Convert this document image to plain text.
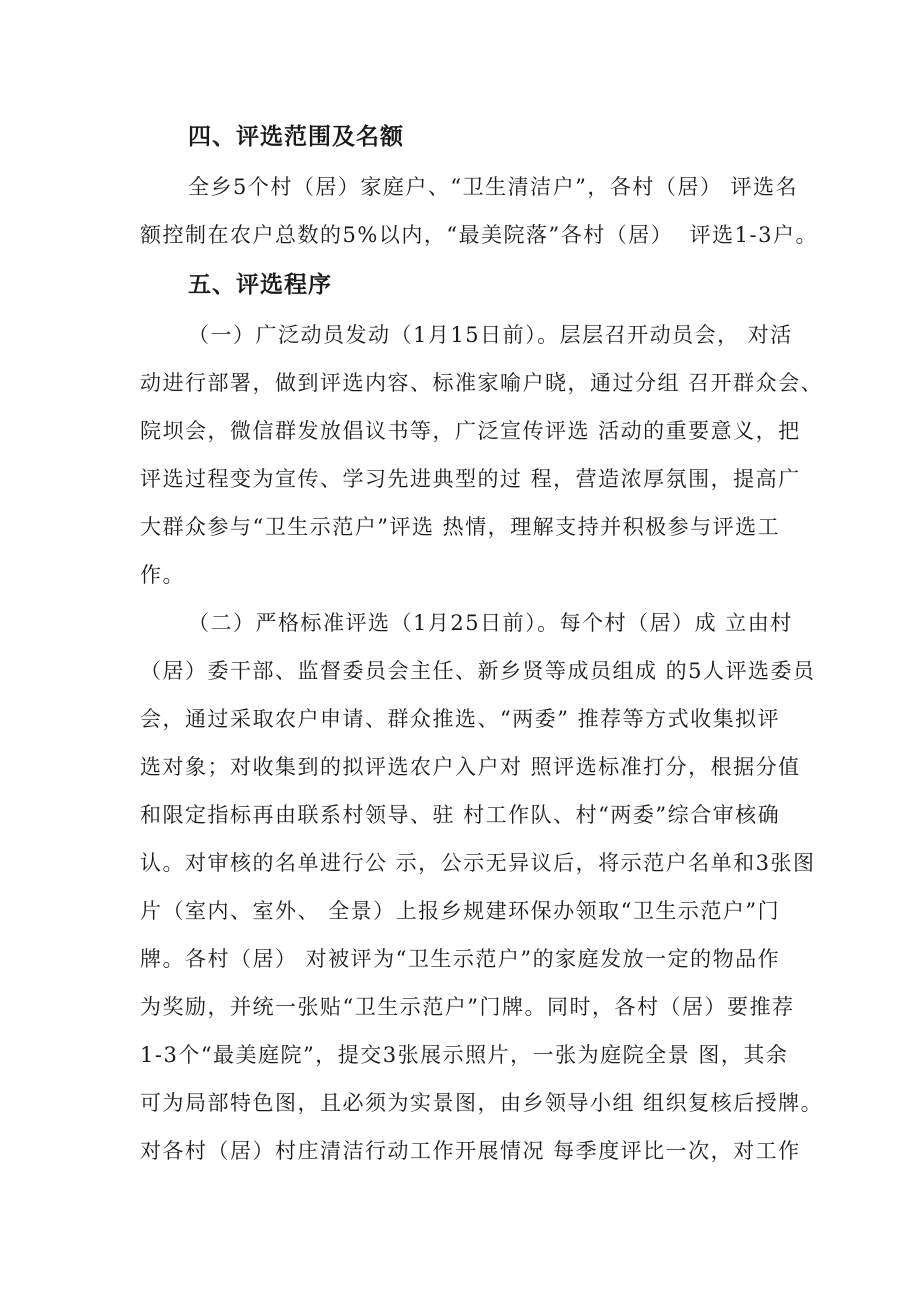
四、评选范围及名额
全乡5个村（居）家庭户、“卫生清洁户”，各村（居） 评选名
额控制在农户总数的5%以内，“最美院落”各村（居）  评选1-3户。
五、评选程序
（一）广泛动员发动（1月15日前）。层层召开动员会， 对活
动进行部署，做到评选内容、标准家喻户晓，通过分组 召开群众会、
院坝会，微信群发放倡议书等，广泛宣传评选 活动的重要意义，把
评选过程变为宣传、学习先进典型的过 程，营造浓厚氛围，提高广
大群众参与“卫生示范户”评选 热情，理解支持并积极参与评选工
作。
（二）严格标准评选（1月25日前）。每个村（居）成 立由村
（居）委干部、监督委员会主任、新乡贤等成员组成 的5人评选委员
会，通过采取农户申请、群众推选、“两委” 推荐等方式收集拟评
选对象；对收集到的拟评选农户入户对 照评选标准打分，根据分值
和限定指标再由联系村领导、驻 村工作队、村“两委”综合审核确
认。对审核的名单进行公 示，公示无异议后，将示范户名单和3张图
片（室内、室外、 全景）上报乡规建环保办领取“卫生示范户”门
牌。各村（居） 对被评为“卫生示范户”的家庭发放一定的物品作
为奖励，并统一张贴“卫生示范户”门牌。同时，各村（居）要推荐
1-3个“最美庭院”，提交3张展示照片，一张为庭院全景 图，其余
可为局部特色图，且必须为实景图，由乡领导小组 组织复核后授牌。
对各村（居）村庄清洁行动工作开展情况 每季度评比一次，对工作
